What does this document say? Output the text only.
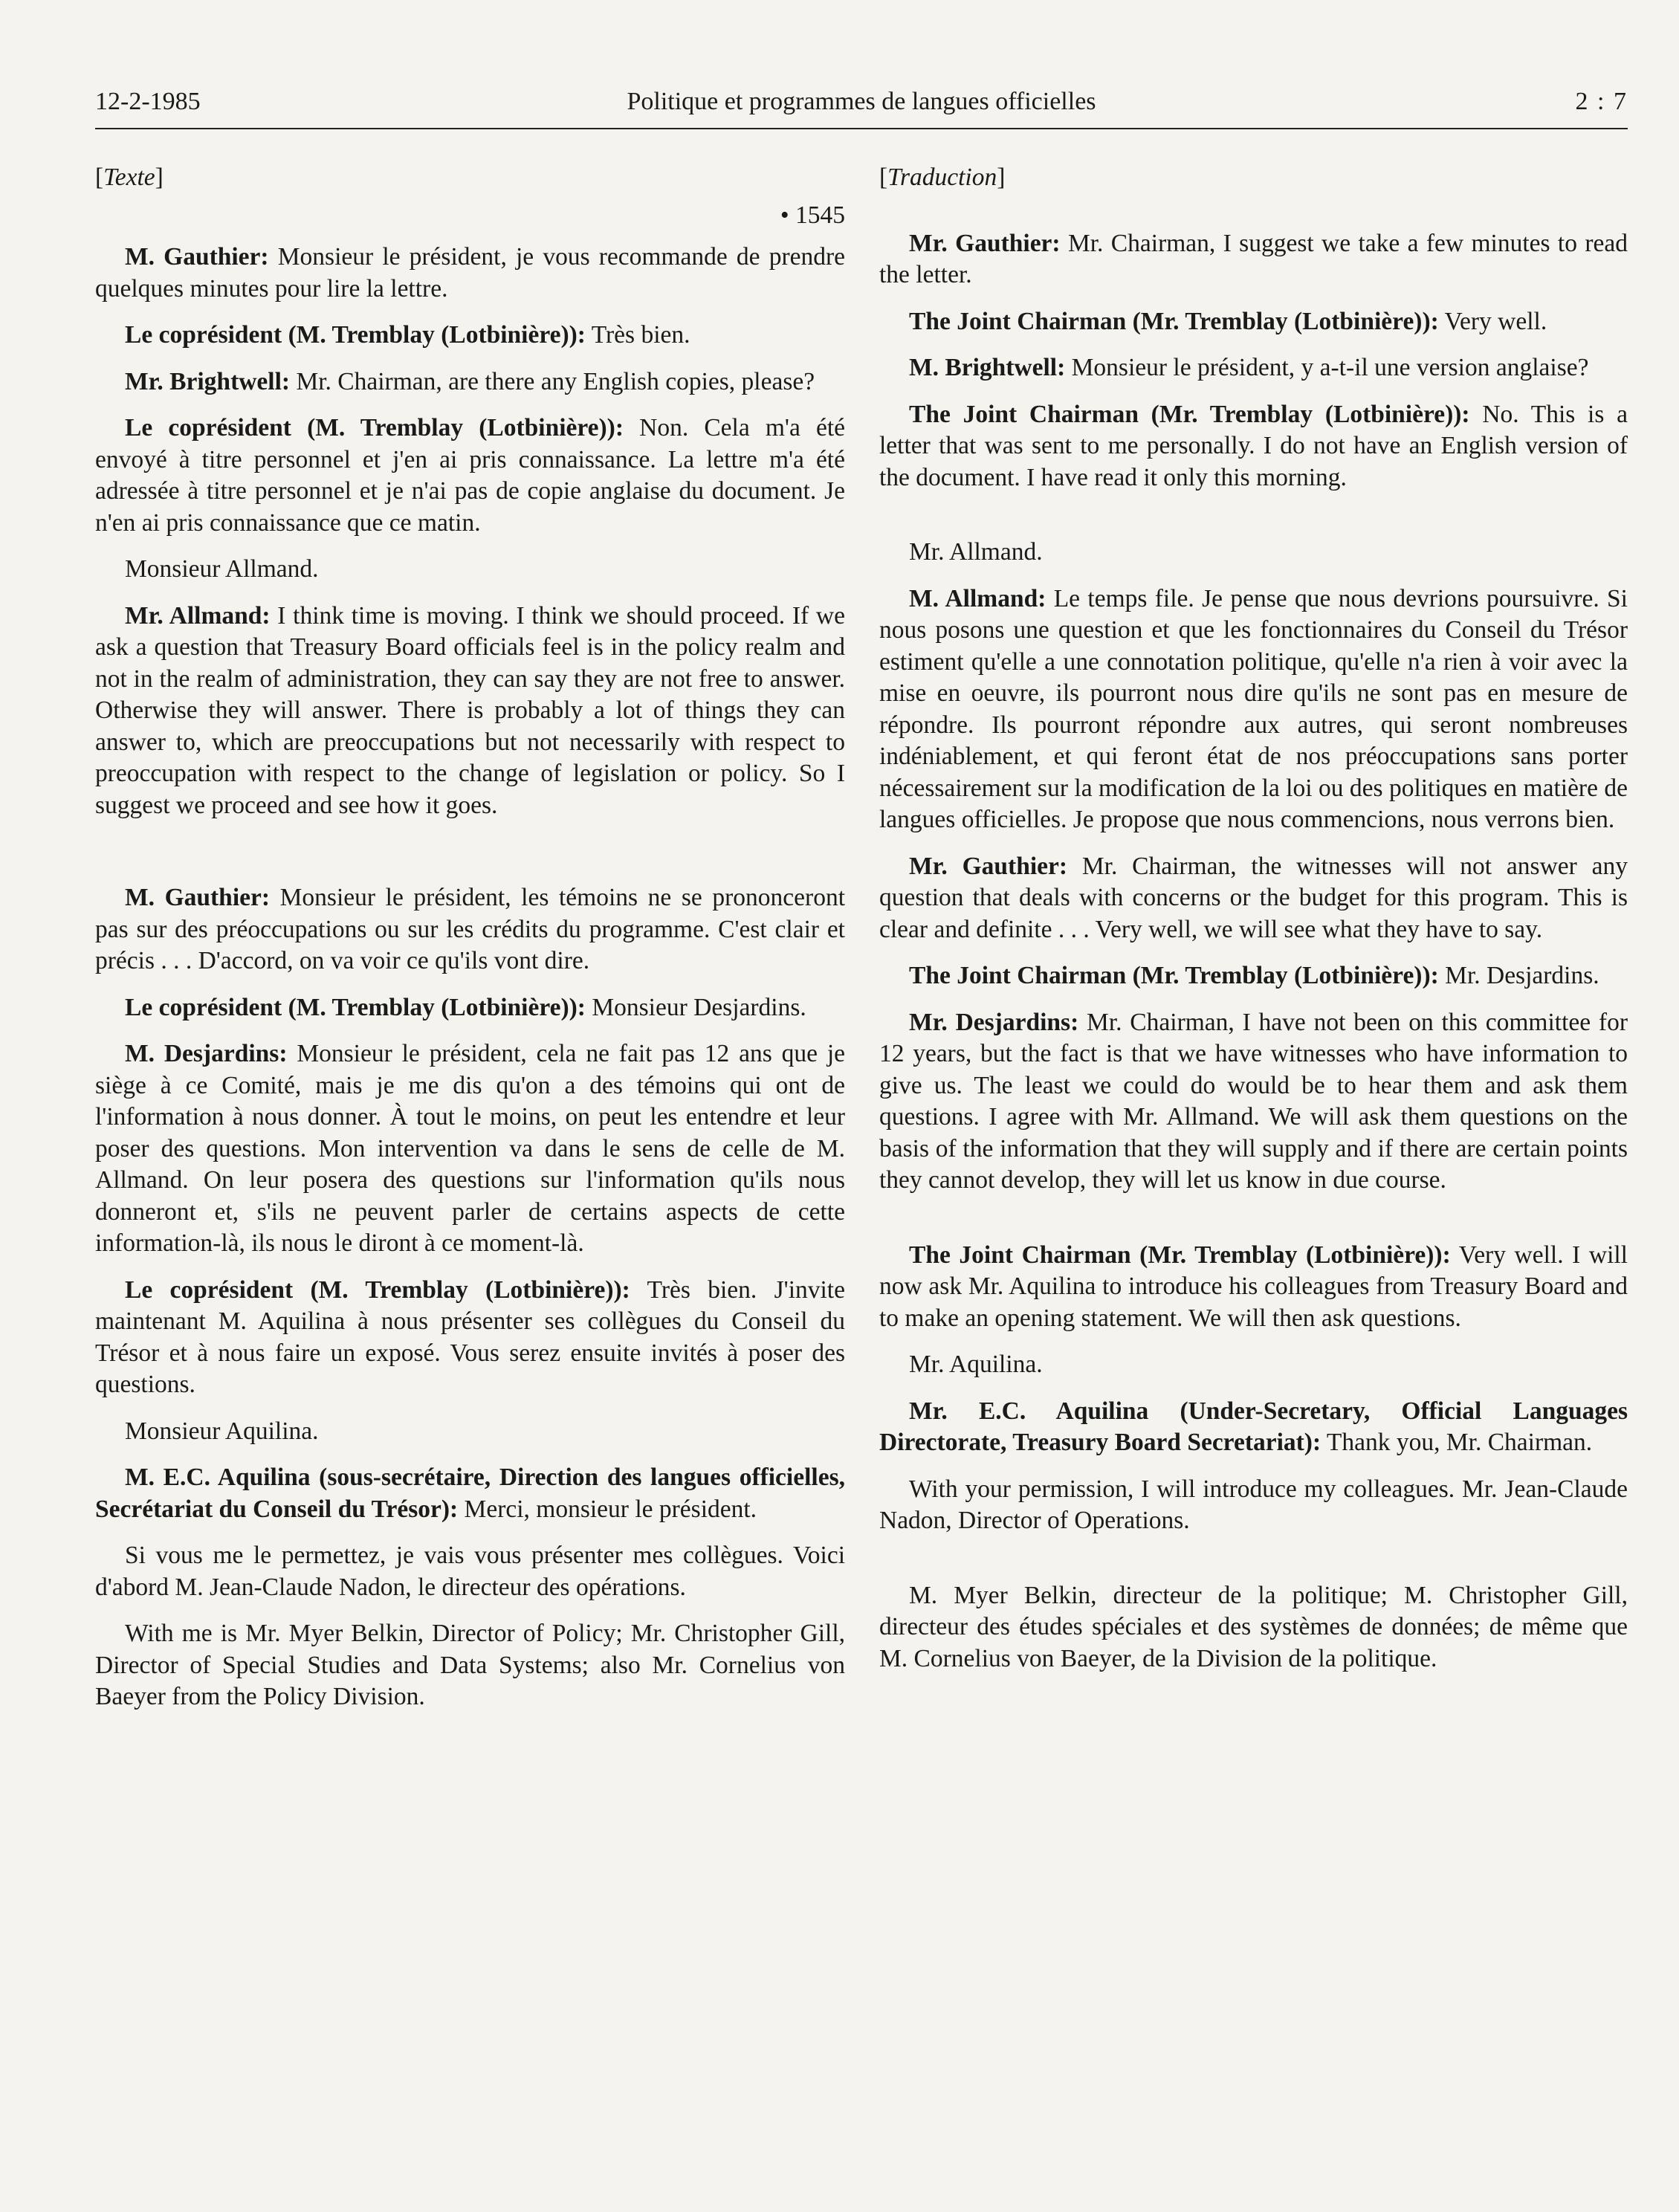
12-2-1985	Politique et programmes de langues officielles	2 : 7

[Texte]

• 1545

M. Gauthier: Monsieur le président, je vous recommande de prendre quelques minutes pour lire la lettre.

Le coprésident (M. Tremblay (Lotbinière)): Très bien.

Mr. Brightwell: Mr. Chairman, are there any English copies, please?

Le coprésident (M. Tremblay (Lotbinière)): Non. Cela m'a été envoyé à titre personnel et j'en ai pris connaissance. La lettre m'a été adressée à titre personnel et je n'ai pas de copie anglaise du document. Je n'en ai pris connaissance que ce matin.

Monsieur Allmand.

Mr. Allmand: I think time is moving. I think we should proceed. If we ask a question that Treasury Board officials feel is in the policy realm and not in the realm of administration, they can say they are not free to answer. Otherwise they will answer. There is probably a lot of things they can answer to, which are preoccupations but not necessarily with respect to preoccupation with respect to the change of legislation or policy. So I suggest we proceed and see how it goes.

M. Gauthier: Monsieur le président, les témoins ne se prononceront pas sur des préoccupations ou sur les crédits du programme. C'est clair et précis . . . D'accord, on va voir ce qu'ils vont dire.

Le coprésident (M. Tremblay (Lotbinière)): Monsieur Desjardins.

M. Desjardins: Monsieur le président, cela ne fait pas 12 ans que je siège à ce Comité, mais je me dis qu'on a des témoins qui ont de l'information à nous donner. À tout le moins, on peut les entendre et leur poser des questions. Mon intervention va dans le sens de celle de M. Allmand. On leur posera des questions sur l'information qu'ils nous donneront et, s'ils ne peuvent parler de certains aspects de cette information-là, ils nous le diront à ce moment-là.

Le coprésident (M. Tremblay (Lotbinière)): Très bien. J'invite maintenant M. Aquilina à nous présenter ses collègues du Conseil du Trésor et à nous faire un exposé. Vous serez ensuite invités à poser des questions.

Monsieur Aquilina.

M. E.C. Aquilina (sous-secrétaire, Direction des langues officielles, Secrétariat du Conseil du Trésor): Merci, monsieur le président.

Si vous me le permettez, je vais vous présenter mes collègues. Voici d'abord M. Jean-Claude Nadon, le directeur des opérations.

With me is Mr. Myer Belkin, Director of Policy; Mr. Christopher Gill, Director of Special Studies and Data Systems; also Mr. Cornelius von Baeyer from the Policy Division.

[Traduction]

Mr. Gauthier: Mr. Chairman, I suggest we take a few minutes to read the letter.

The Joint Chairman (Mr. Tremblay (Lotbinière)): Very well.

M. Brightwell: Monsieur le président, y a-t-il une version anglaise?

The Joint Chairman (Mr. Tremblay (Lotbinière)): No. This is a letter that was sent to me personally. I do not have an English version of the document. I have read it only this morning.

Mr. Allmand.

M. Allmand: Le temps file. Je pense que nous devrions poursuivre. Si nous posons une question et que les fonctionnaires du Conseil du Trésor estiment qu'elle a une connotation politique, qu'elle n'a rien à voir avec la mise en oeuvre, ils pourront nous dire qu'ils ne sont pas en mesure de répondre. Ils pourront répondre aux autres, qui seront nombreuses indéniablement, et qui feront état de nos préoccupations sans porter nécessairement sur la modification de la loi ou des politiques en matière de langues officielles. Je propose que nous commencions, nous verrons bien.

Mr. Gauthier: Mr. Chairman, the witnesses will not answer any question that deals with concerns or the budget for this program. This is clear and definite . . . Very well, we will see what they have to say.

The Joint Chairman (Mr. Tremblay (Lotbinière)): Mr. Desjardins.

Mr. Desjardins: Mr. Chairman, I have not been on this committee for 12 years, but the fact is that we have witnesses who have information to give us. The least we could do would be to hear them and ask them questions. I agree with Mr. Allmand. We will ask them questions on the basis of the information that they will supply and if there are certain points they cannot develop, they will let us know in due course.

The Joint Chairman (Mr. Tremblay (Lotbinière)): Very well. I will now ask Mr. Aquilina to introduce his colleagues from Treasury Board and to make an opening statement. We will then ask questions.

Mr. Aquilina.

Mr. E.C. Aquilina (Under-Secretary, Official Languages Directorate, Treasury Board Secretariat): Thank you, Mr. Chairman.

With your permission, I will introduce my colleagues. Mr. Jean-Claude Nadon, Director of Operations.

M. Myer Belkin, directeur de la politique; M. Christopher Gill, directeur des études spéciales et des systèmes de données; de même que M. Cornelius von Baeyer, de la Division de la politique.
